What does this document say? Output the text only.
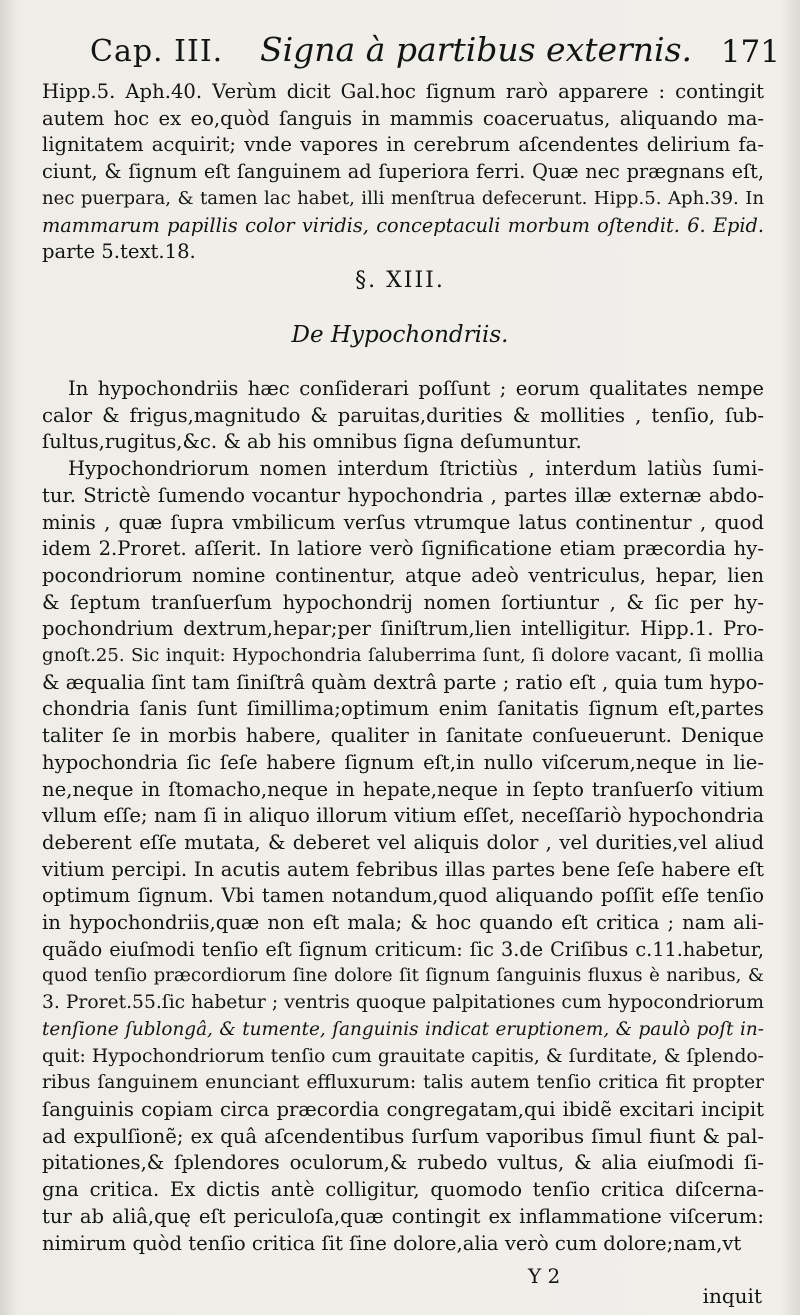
Cap. III. Signa à partibus externis. 171
Hipp.5. Aph.40. Verùm dicit Gal.hoc ſignum rarò apparere : contingit
autem hoc ex eo,quòd ſanguis in mammis coaceruatus, aliquando ma-
lignitatem acquirit; vnde vapores in cerebrum aſcendentes delirium fa-
ciunt, & ſignum eſt ſanguinem ad ſuperiora ferri. Quæ nec prægnans eſt,
nec puerpara, & tamen lac habet, illi menſtrua defecerunt. Hipp.5. Aph.39. In
mammarum papillis color viridis, conceptaculi morbum oſtendit. 6. Epid.
parte 5.text.18.
§. XIII.
De Hypochondriis.
In hypochondriis hæc conſiderari poſſunt ; eorum qualitates nempe
calor & frigus,magnitudo & paruitas,durities & mollities , tenſio, ſub-
ſultus,rugitus,&c. & ab his omnibus ſigna deſumuntur.
Hypochondriorum nomen interdum ſtrictiùs , interdum latiùs ſumi-
tur. Strictè ſumendo vocantur hypochondria , partes illæ externæ abdo-
minis , quæ ſupra vmbilicum verſus vtrumque latus continentur , quod
idem 2.Proret. aſſerit. In latiore verò ſignificatione etiam præcordia hy-
pocondriorum nomine continentur, atque adeò ventriculus, hepar, lien
& ſeptum tranſuerſum hypochondrij nomen ſortiuntur , & ſic per hy-
pochondrium dextrum,hepar;per ſiniſtrum,lien intelligitur. Hipp.1. Pro-
gnoſt.25. Sic inquit: Hypochondria ſaluberrima ſunt, ſi dolore vacant, ſi mollia
& æqualia ſint tam ſiniſtrâ quàm dextrâ parte ; ratio eſt , quia tum hypo-
chondria ſanis ſunt ſimillima;optimum enim ſanitatis ſignum eſt,partes
taliter ſe in morbis habere, qualiter in ſanitate conſueuerunt. Denique
hypochondria ſic ſeſe habere ſignum eſt,in nullo viſcerum,neque in lie-
ne,neque in ſtomacho,neque in hepate,neque in ſepto tranſuerſo vitium
vllum eſſe; nam ſi in aliquo illorum vitium eſſet, neceſſariò hypochondria
deberent eſſe mutata, & deberet vel aliquis dolor , vel durities,vel aliud
vitium percipi. In acutis autem febribus illas partes bene ſeſe habere eſt
optimum ſignum. Vbi tamen notandum,quod aliquando poſſit eſſe tenſio
in hypochondriis,quæ non eſt mala; & hoc quando eſt critica ; nam ali-
quãdo eiuſmodi tenſio eſt ſignum criticum: ſic 3.de Criſibus c.11.habetur,
quod tenſio præcordiorum ſine dolore ſit ſignum ſanguinis fluxus è naribus, &
3. Proret.55.ſic habetur ; ventris quoque palpitationes cum hypocondriorum
tenſione ſublongâ, & tumente, ſanguinis indicat eruptionem, & paulò poſt in-
quit: Hypochondriorum tenſio cum grauitate capitis, & ſurditate, & ſplendo-
ribus ſanguinem enunciant effluxurum: talis autem tenſio critica fit propter
ſanguinis copiam circa præcordia congregatam,qui ibidẽ excitari incipit
ad expulſionẽ; ex quâ aſcendentibus ſurſum vaporibus ſimul fiunt & pal-
pitationes,& ſplendores oculorum,& rubedo vultus, & alia eiuſmodi ſi-
gna critica. Ex dictis antè colligitur, quomodo tenſio critica diſcerna-
tur ab aliâ,quę eſt periculoſa,quæ contingit ex inflammatione viſcerum:
nimirum quòd tenſio critica ſit ſine dolore,alia verò cum dolore;nam,vt
Y 2
inquit
